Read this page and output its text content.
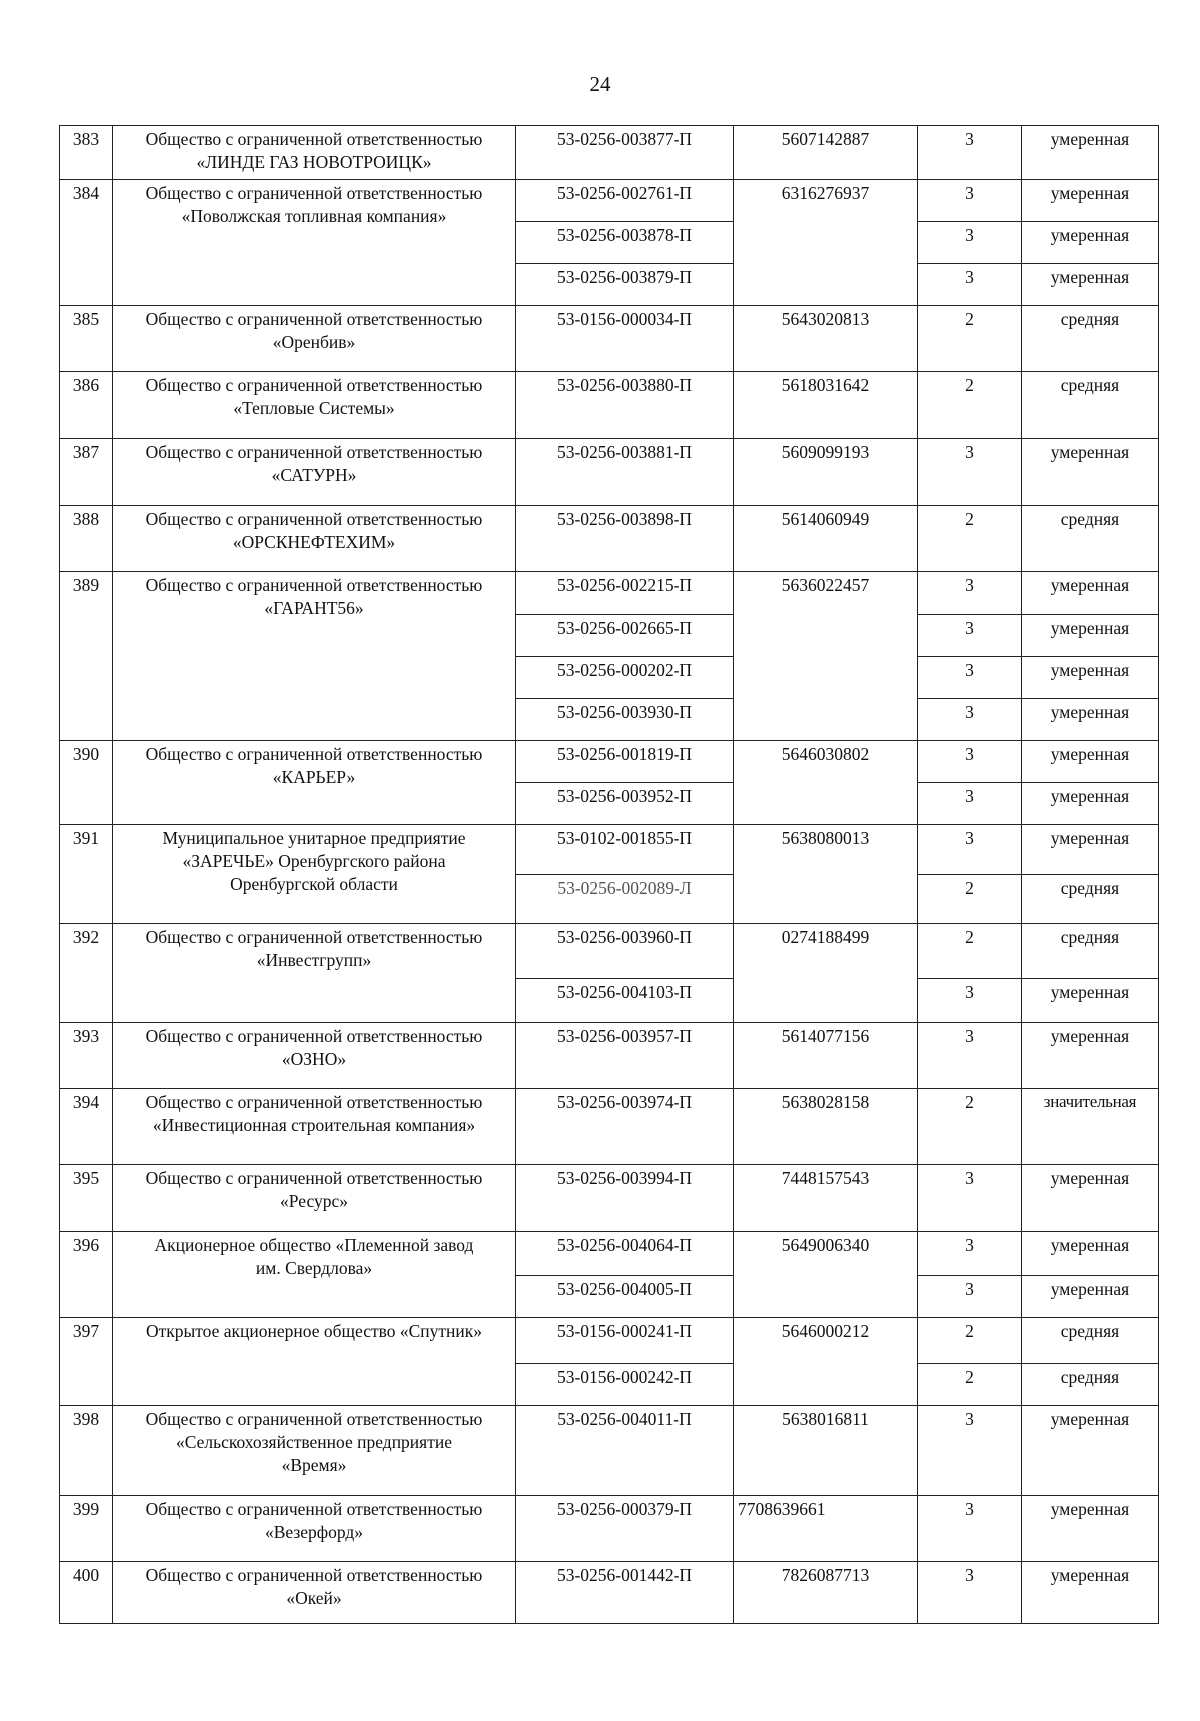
24
383	Общество с ограниченной ответственностью
«ЛИНДЕ ГАЗ НОВОТРОИЦК»	53-0256-003877-П	5607142887	3	умеренная
384	Общество с ограниченной ответственностью
«Поволжская топливная компания»	53-0256-002761-П	6316276937	3	умеренная
		53-0256-003878-П		3	умеренная
		53-0256-003879-П		3	умеренная
385	Общество с ограниченной ответственностью
«Оренбив»	53-0156-000034-П	5643020813	2	средняя
386	Общество с ограниченной ответственностью
«Тепловые Системы»	53-0256-003880-П	5618031642	2	средняя
387	Общество с ограниченной ответственностью
«САТУРН»	53-0256-003881-П	5609099193	3	умеренная
388	Общество с ограниченной ответственностью
«ОРСКНЕФТЕХИМ»	53-0256-003898-П	5614060949	2	средняя
389	Общество с ограниченной ответственностью
«ГАРАНТ56»	53-0256-002215-П	5636022457	3	умеренная
		53-0256-002665-П		3	умеренная
		53-0256-000202-П		3	умеренная
		53-0256-003930-П		3	умеренная
390	Общество с ограниченной ответственностью
«КАРЬЕР»	53-0256-001819-П	5646030802	3	умеренная
		53-0256-003952-П		3	умеренная
391	Муниципальное унитарное предприятие
«ЗАРЕЧЬЕ» Оренбургского района
Оренбургской области	53-0102-001855-П	5638080013	3	умеренная
		53-0256-002089-Л		2	средняя
392	Общество с ограниченной ответственностью
«Инвестгрупп»	53-0256-003960-П	0274188499	2	средняя
		53-0256-004103-П		3	умеренная
393	Общество с ограниченной ответственностью
«ОЗНО»	53-0256-003957-П	5614077156	3	умеренная
394	Общество с ограниченной ответственностью
«Инвестиционная строительная компания»	53-0256-003974-П	5638028158	2	значительная
395	Общество с ограниченной ответственностью
«Ресурс»	53-0256-003994-П	7448157543	3	умеренная
396	Акционерное общество «Племенной завод
им. Свердлова»	53-0256-004064-П	5649006340	3	умеренная
		53-0256-004005-П		3	умеренная
397	Открытое акционерное общество «Спутник»	53-0156-000241-П	5646000212	2	средняя
		53-0156-000242-П		2	средняя
398	Общество с ограниченной ответственностью
«Сельскохозяйственное предприятие
«Время»	53-0256-004011-П	5638016811	3	умеренная
399	Общество с ограниченной ответственностью
«Везерфорд»	53-0256-000379-П	7708639661	3	умеренная
400	Общество с ограниченной ответственностью
«Окей»	53-0256-001442-П	7826087713	3	умеренная
